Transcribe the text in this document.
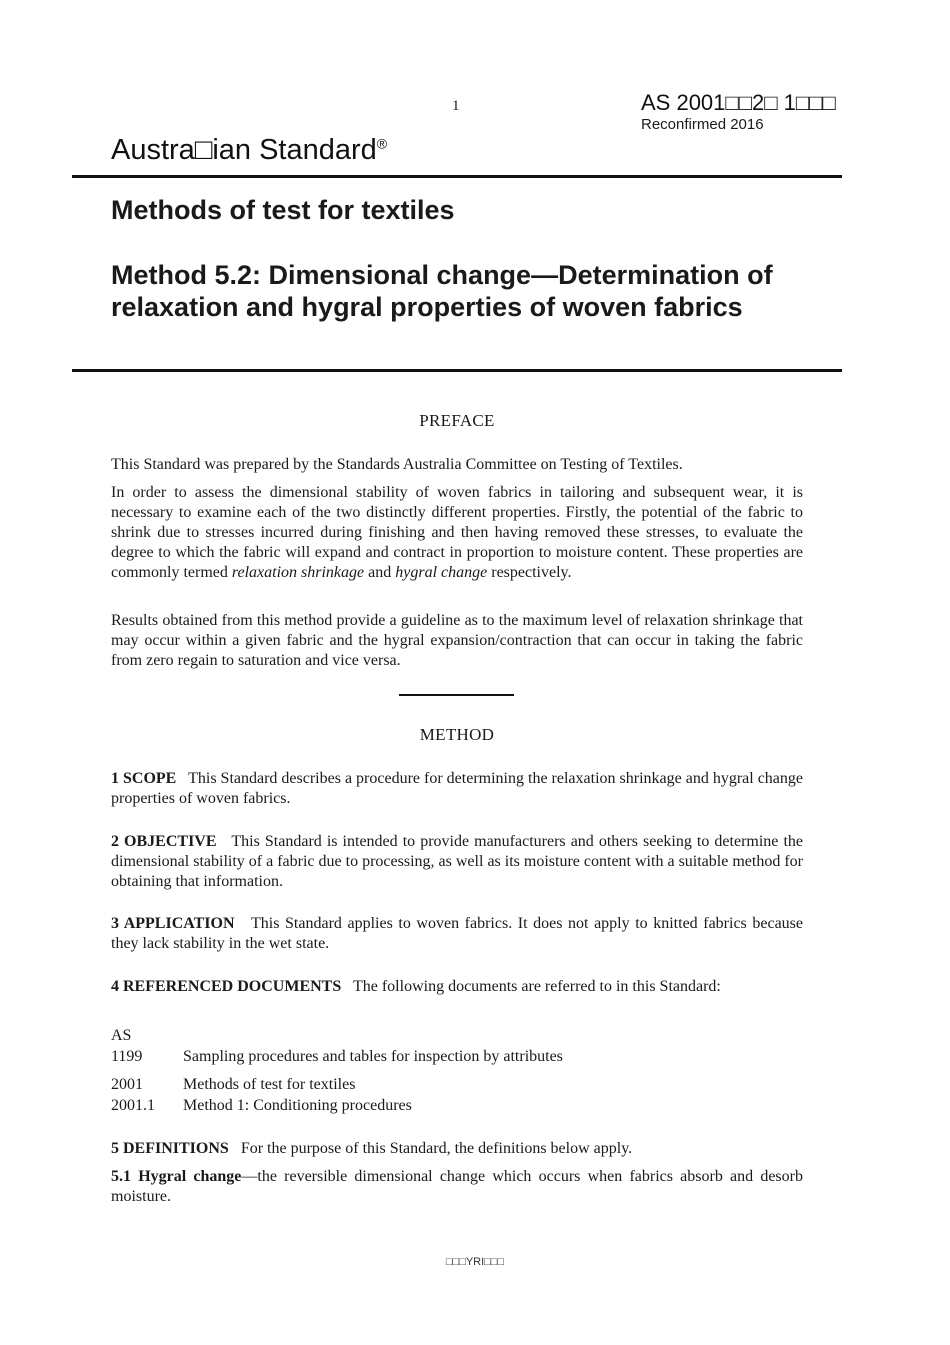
1	AS 2001□□2□ 1□□□
Reconfirmed 2016
Austra□ian Standard®
Methods of test for textiles
Method 5.2: Dimensional change—Determination of relaxation and hygral properties of woven fabrics
PREFACE

This Standard was prepared by the Standards Australia Committee on Testing of Textiles.

In order to assess the dimensional stability of woven fabrics in tailoring and subsequent wear, it is necessary to examine each of the two distinctly different properties. Firstly, the potential of the fabric to shrink due to stresses incurred during finishing and then having removed these stresses, to evaluate the degree to which the fabric will expand and contract in proportion to moisture content. These properties are commonly termed relaxation shrinkage and hygral change respectively.

Results obtained from this method provide a guideline as to the maximum level of relaxation shrinkage that may occur within a given fabric and the hygral expansion/contraction that can occur in taking the fabric from zero regain to saturation and vice versa.

METHOD

1 SCOPE This Standard describes a procedure for determining the relaxation shrinkage and hygral change properties of woven fabrics.

2 OBJECTIVE This Standard is intended to provide manufacturers and others seeking to determine the dimensional stability of a fabric due to processing, as well as its moisture content with a suitable method for obtaining that information.

3 APPLICATION This Standard applies to woven fabrics. It does not apply to knitted fabrics because they lack stability in the wet state.

4 REFERENCED DOCUMENTS The following documents are referred to in this Standard:

AS
1199	Sampling procedures and tables for inspection by attributes
2001	Methods of test for textiles
2001.1 Method 1: Conditioning procedures

5 DEFINITIONS For the purpose of this Standard, the definitions below apply.

5.1 Hygral change—the reversible dimensional change which occurs when fabrics absorb and desorb moisture.

□□□YRI□□□
